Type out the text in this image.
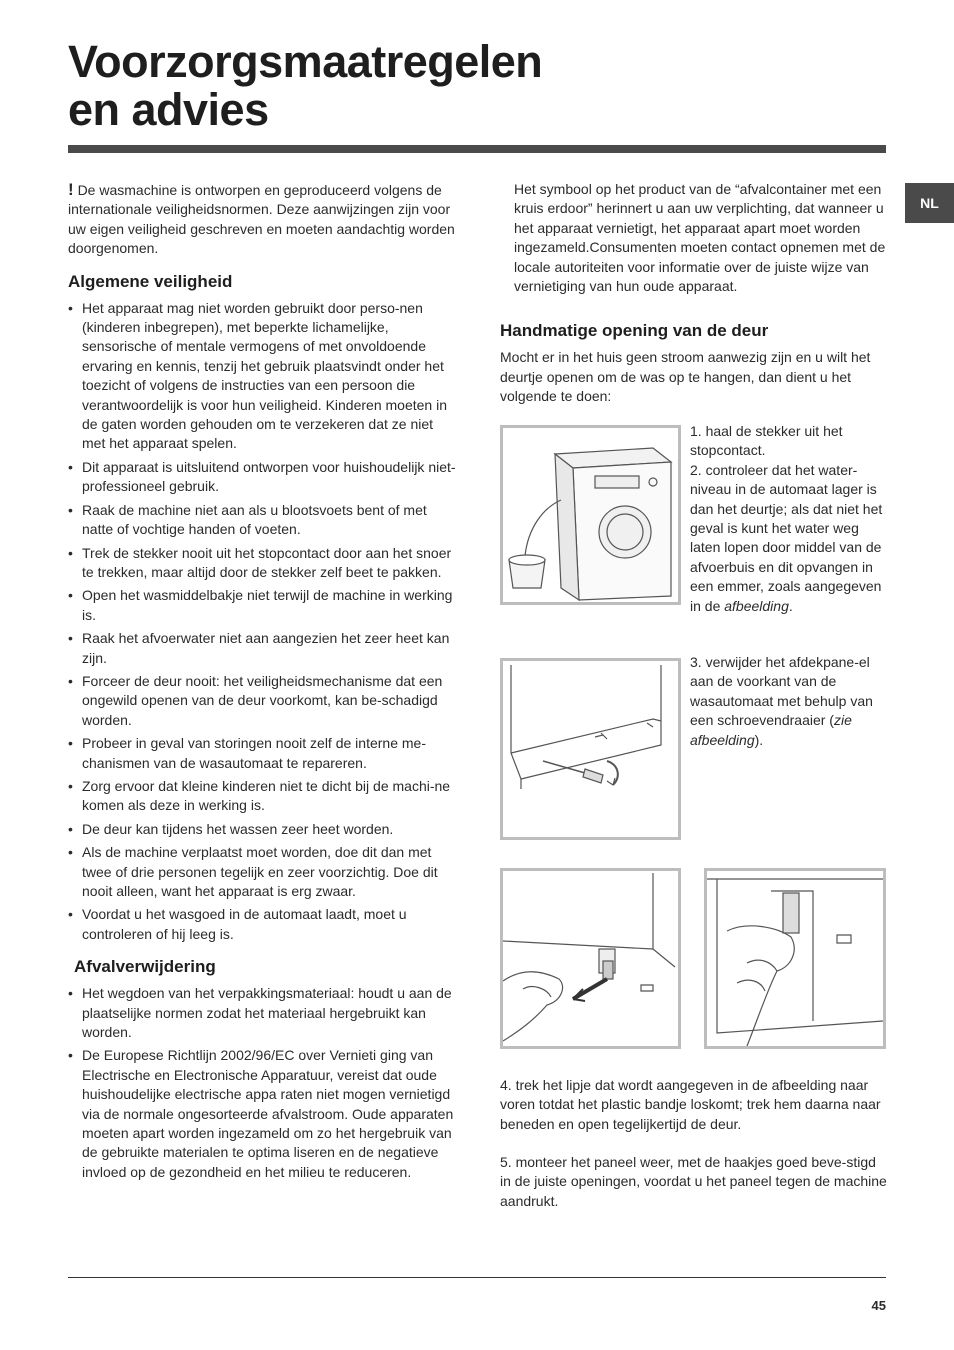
Voorzorgsmaatregelen
en advies
NL

! De wasmachine is ontworpen en geproduceerd volgens de internationale veiligheidsnormen. Deze aanwijzingen zijn voor uw eigen veiligheid geschreven en moeten aandachtig worden doorgenomen.

Algemene veiligheid
• Het apparaat mag niet worden gebruikt door perso-nen (kinderen inbegrepen), met beperkte lichamelijke, sensorische of mentale vermogens of met onvoldoende ervaring en kennis, tenzij het gebruik plaatsvindt onder het toezicht of volgens de instructies van een persoon die verantwoordelijk is voor hun veiligheid. Kinderen moeten in de gaten worden gehouden om te verzekeren dat ze niet met het apparaat spelen.
• Dit apparaat is uitsluitend ontworpen voor huishoudelijk niet-professioneel gebruik.
• Raak de machine niet aan als u blootsvoets bent of met natte of vochtige handen of voeten.
• Trek de stekker nooit uit het stopcontact door aan het snoer te trekken, maar altijd door de stekker zelf beet te pakken.
• Open het wasmiddelbakje niet terwijl de machine in werking is.
• Raak het afvoerwater niet aan aangezien het zeer heet kan zijn.
• Forceer de deur nooit: het veiligheidsmechanisme dat een ongewild openen van de deur voorkomt, kan be-schadigd worden.
• Probeer in geval van storingen nooit zelf de interne me-chanismen van de wasautomaat te repareren.
• Zorg ervoor dat kleine kinderen niet te dicht bij de machi-ne komen als deze in werking is.
• De deur kan tijdens het wassen zeer heet worden.
• Als de machine verplaatst moet worden, doe dit dan met twee of drie personen tegelijk en zeer voorzichtig. Doe dit nooit alleen, want het apparaat is erg zwaar.
• Voordat u het wasgoed in de automaat laadt, moet u controleren of hij leeg is.
Afvalverwijdering
• Het wegdoen van het verpakkingsmateriaal: houdt u aan de plaatselijke normen zodat het materiaal hergebruikt kan worden.
• De Europese Richtlijn 2002/96/EC over Vernieti ging van Electrische en Electronische Apparatuur, vereist dat oude huishoudelijke electrische appa raten niet mogen vernietigd via de normale ongesorteerde afvalstroom. Oude apparaten moeten apart worden ingezameld om zo het hergebruik van de gebruikte materialen te optima liseren en de negatieve invloed op de gezondheid en het milieu te reduceren.

Het symbool op het product van de “afvalcontainer met een kruis erdoor” herinnert u aan uw verplichting, dat wanneer u het apparaat vernietigt, het apparaat apart moet worden ingezameld.Consumenten moeten contact opnemen met de locale autoriteiten voor informatie over de juiste wijze van vernietiging van hun oude apparaat.

Handmatige opening van de deur

Mocht er in het huis geen stroom aanwezig zijn en u wilt het deurtje openen om de was op te hangen, dan dient u het volgende te doen:

1. haal de stekker uit het stopcontact.

2. controleer dat het water-niveau in de automaat lager is dan het deurtje; als dat niet het geval is kunt het water weg laten lopen door middel van de afvoerbuis en dit opvangen in een emmer, zoals aangegeven in de afbeelding.

3. verwijder het afdekpane-el aan de voorkant van de wasautomaat met behulp van een schroevendraaier (zie afbeelding).

4. trek het lipje dat wordt aangegeven in de afbeelding naar voren totdat het plastic bandje loskomt; trek hem daarna naar beneden en open tegelijkertijd de deur.

5. monteer het paneel weer, met de haakjes goed beve-stigd in de juiste openingen, voordat u het paneel tegen de machine aandrukt.

45
